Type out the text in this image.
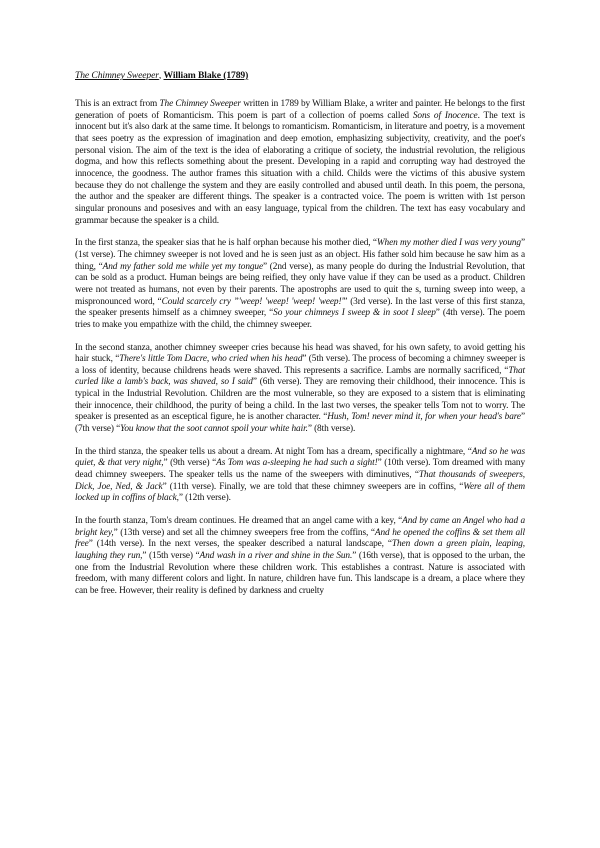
The Chimney Sweeper, William Blake (1789)

This is an extract from The Chimney Sweeper written in 1789 by William Blake, a writer and painter. He belongs to the first generation of poets of Romanticism. This poem is part of a collection of poems called Sons of Inocence. The text is innocent but it's also dark at the same time. It belongs to romanticism. Romanticism, in literature and poetry, is a movement that sees poetry as the expression of imagination and deep emotion, emphasizing subjectivity, creativity, and the poet's personal vision. The aim of the text is the idea of elaborating a critique of society, the industrial revolution, the religious dogma, and how this reflects something about the present. Developing in a rapid and corrupting way had destroyed the innocence, the goodness. The author frames this situation with a child. Childs were the victims of this abusive system because they do not challenge the system and they are easily controlled and abused until death. In this poem, the persona, the author and the speaker are different things. The speaker is a contracted voice. The poem is written with 1st person singular pronouns and posesives and with an easy language, typical from the children. The text has easy vocabulary and grammar because the speaker is a child.

In the first stanza, the speaker sias that he is half orphan because his mother died, “When my mother died I was very young” (1st verse). The chimney sweeper is not loved and he is seen just as an object. His father sold him because he saw him as a thing, “And my father sold me while yet my tongue” (2nd verse), as many people do during the Industrial Revolution, that can be sold as a product. Human beings are being reified, they only have value if they can be used as a product. Children were not treated as humans, not even by their parents. The apostrophs are used to quit the s, turning sweep into weep, a mispronounced word, “Could scarcely cry ”'weep! 'weep! 'weep! 'weep!'” (3rd verse). In the last verse of this first stanza, the speaker presents himself as a chimney sweeper, “So your chimneys I sweep & in soot I sleep” (4th verse). The poem tries to make you empathize with the child, the chimney sweeper.

In the second stanza, another chimney sweeper cries because his head was shaved, for his own safety, to avoid getting his hair stuck, “There's little Tom Dacre, who cried when his head” (5th verse). The process of becoming a chimney sweeper is a loss of identity, because childrens heads were shaved. This represents a sacrifice. Lambs are normally sacrificed, “That curled like a lamb's back, was shaved, so I said” (6th verse). They are removing their childhood, their innocence. This is typical in the Industrial Revolution. Children are the most vulnerable, so they are exposed to a sistem that is eliminating their innocence, their childhood, the purity of being a child. In the last two verses, the speaker tells Tom not to worry. The speaker is presented as an esceptical figure, he is another character. “Hush, Tom! never mind it, for when your head's bare” (7th verse) “You know that the soot cannot spoil your white hair.” (8th verse).

In the third stanza, the speaker tells us about a dream. At night Tom has a dream, specifically a nightmare, “And so he was quiet, & that very night,” (9th verse) “As Tom was a-sleeping he had such a sight!” (10th verse). Tom dreamed with many dead chimney sweepers. The speaker tells us the name of the sweepers with diminutives, “That thousands of sweepers, Dick, Joe, Ned, & Jack” (11th verse). Finally, we are told that these chimney sweepers are in coffins, “Were all of them locked up in coffins of black,” (12th verse).

In the fourth stanza, Tom's dream continues. He dreamed that an angel came with a key, “And by came an Angel who had a bright key,” (13th verse) and set all the chimney sweepers free from the coffins, “And he opened the coffins & set them all free” (14th verse). In the next verses, the speaker described a natural landscape, “Then down a green plain, leaping, laughing they run,” (15th verse) “And wash in a river and shine in the Sun.” (16th verse), that is opposed to the urban, the one from the Industrial Revolution where these children work. This establishes a contrast. Nature is associated with freedom, with many different colors and light. In nature, children have fun. This landscape is a dream, a place where they can be free. However, their reality is defined by darkness and cruelty
